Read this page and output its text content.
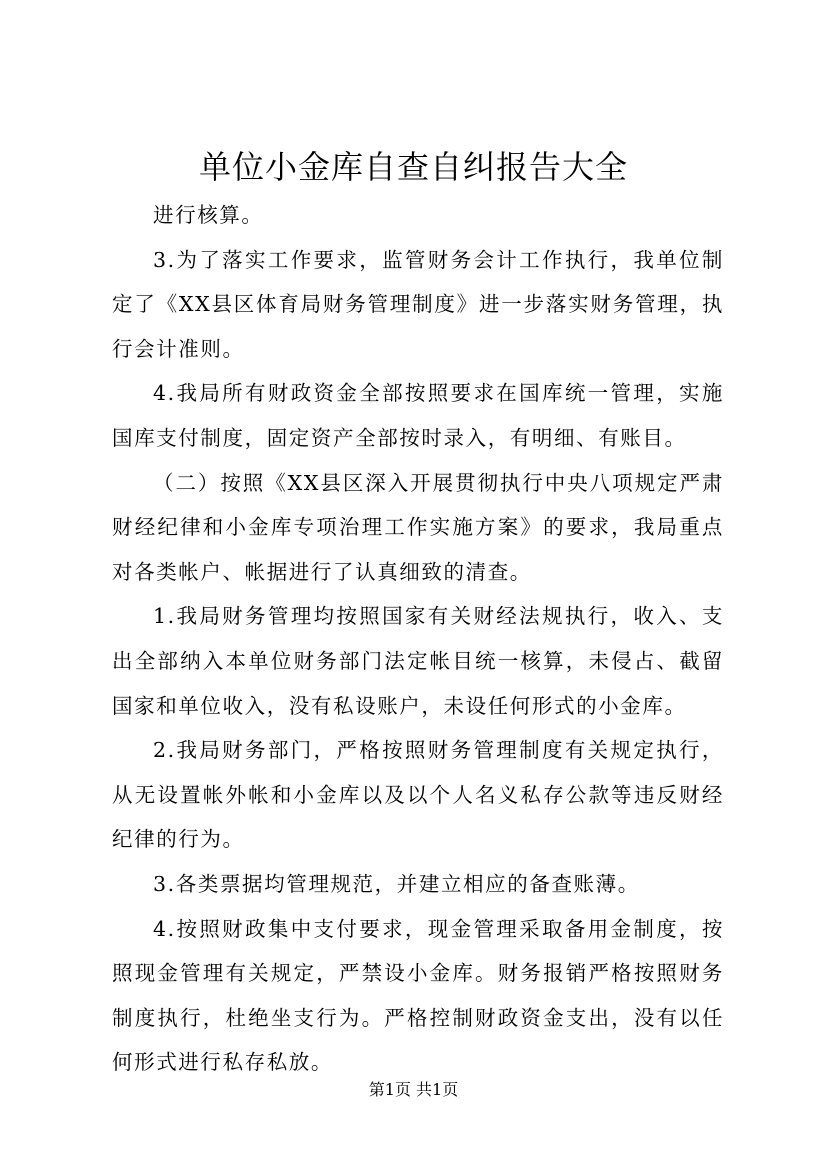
单位小金库自查自纠报告大全

进行核算。

3.为了落实工作要求，监管财务会计工作执行，我单位制定了《XX县区体育局财务管理制度》进一步落实财务管理，执行会计准则。

4.我局所有财政资金全部按照要求在国库统一管理，实施国库支付制度，固定资产全部按时录入，有明细、有账目。

（二）按照《XX县区深入开展贯彻执行中央八项规定严肃财经纪律和小金库专项治理工作实施方案》的要求，我局重点对各类帐户、帐据进行了认真细致的清查。

1.我局财务管理均按照国家有关财经法规执行，收入、支出全部纳入本单位财务部门法定帐目统一核算，未侵占、截留国家和单位收入，没有私设账户，未设任何形式的小金库。

2.我局财务部门，严格按照财务管理制度有关规定执行，从无设置帐外帐和小金库以及以个人名义私存公款等违反财经纪律的行为。

3.各类票据均管理规范，并建立相应的备查账薄。

4.按照财政集中支付要求，现金管理采取备用金制度，按照现金管理有关规定，严禁设小金库。财务报销严格按照财务制度执行，杜绝坐支行为。严格控制财政资金支出，没有以任何形式进行私存私放。

第1页 共1页
